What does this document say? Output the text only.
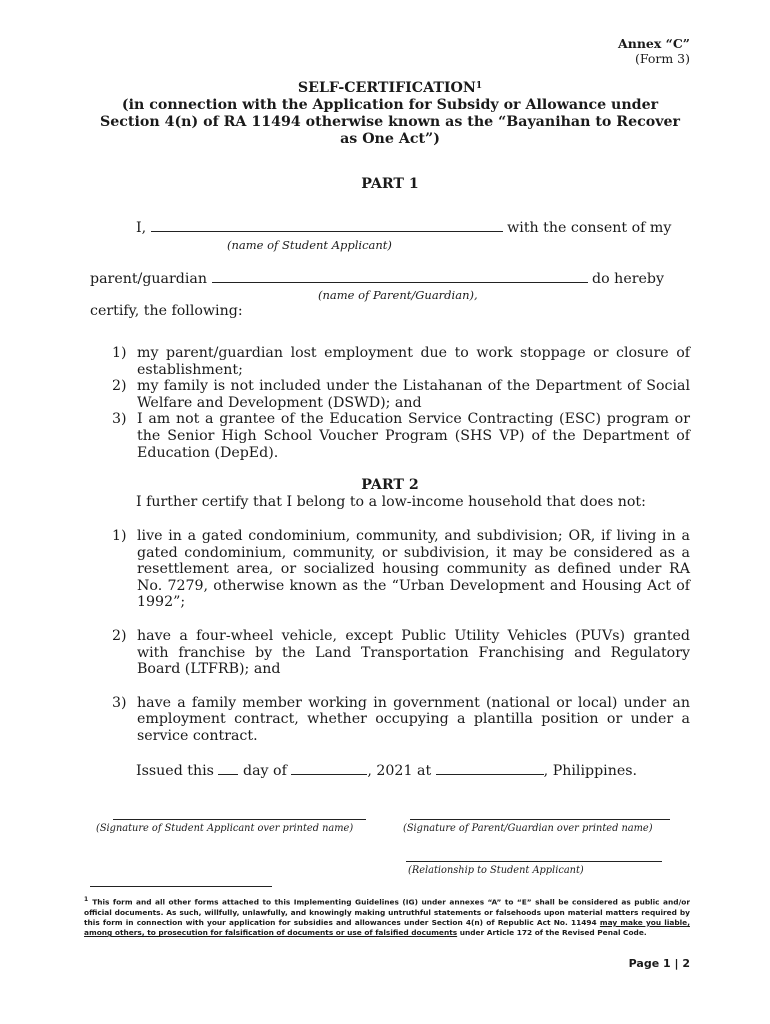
Annex “C”
(Form 3)
SELF-CERTIFICATION$^1$
(in connection with the Application for Subsidy or Allowance under
Section 4(n) of RA 11494 otherwise known as the “Bayanihan to Recover
as One Act”)
PART 1
I,	with the consent of my
(name of Student Applicant)
parent/guardian	do hereby
(name of Parent/Guardian),
certify, the following:
1) my parent/guardian lost employment due to work stoppage or closure of establishment;
2) my family is not included under the Listahanan of the Department of Social Welfare and Development (DSWD); and
3) I am not a grantee of the Education Service Contracting (ESC) program or the Senior High School Voucher Program (SHS VP) of the Department of Education (DepEd).
PART 2
I further certify that I belong to a low-income household that does not:
1) live in a gated condominium, community, and subdivision; OR, if living in a gated condominium, community, or subdivision, it may be considered as a resettlement area, or socialized housing community as defined under RA No. 7279, otherwise known as the “Urban Development and Housing Act of 1992”;
2) have a four-wheel vehicle, except Public Utility Vehicles (PUVs) granted with franchise by the Land Transportation Franchising and Regulatory Board (LTFRB); and
3) have a family member working in government (national or local) under an employment contract, whether occupying a plantilla position or under a service contract.
Issued this day of	, 2021 at	, Philippines.
(Signature of Student Applicant over printed name)	(Signature of Parent/Guardian over printed name)
(Relationship to Student Applicant)
$^1$ This form and all other forms attached to this Implementing Guidelines (IG) under annexes “A” to “E” shall be considered as public and/or official documents. As such, willfully, unlawfully, and knowingly making untruthful statements or falsehoods upon material matters required by this form in connection with your application for subsidies and allowances under Section 4(n) of Republic Act No. 11494 may make you liable, among others, to prosecution for falsification of documents or use of falsified documents under Article 172 of the Revised Penal Code.
Page 1 | 2
